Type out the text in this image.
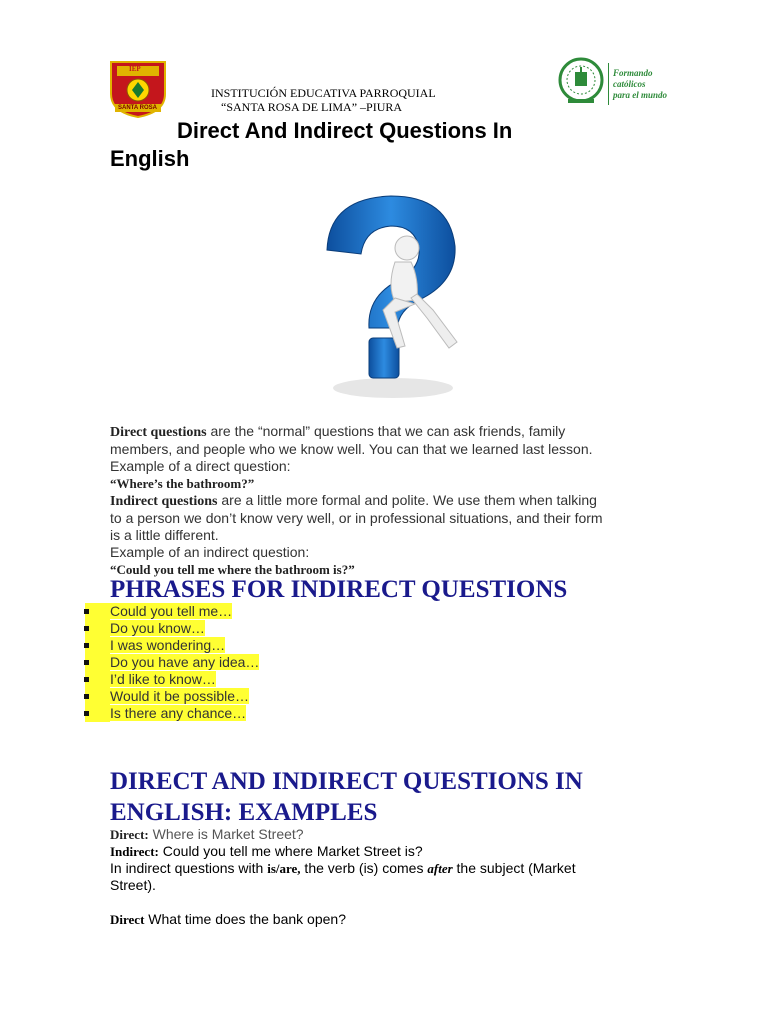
IEP
SANTA ROSA
INSTITUCIÓN EDUCATIVA PARROQUIAL
“SANTA ROSA DE LIMA” –PIURA
Formando
católicos
para el mundo
Direct And Indirect Questions In
English
Direct questions are the “normal” questions that we can ask friends, family
members, and people who we know well. You can that we learned last lesson.
Example of a direct question:
“Where’s the bathroom?”
Indirect questions are a little more formal and polite. We use them when talking
to a person we don’t know very well, or in professional situations, and their form
is a little different.
Example of an indirect question:
“Could you tell me where the bathroom is?”
PHRASES FOR INDIRECT QUESTIONS
Could you tell me…
Do you know…
I was wondering…
Do you have any idea…
I’d like to know…
Would it be possible…
Is there any chance…
DIRECT AND INDIRECT QUESTIONS IN
ENGLISH: EXAMPLES
Direct: Where is Market Street?
Indirect: Could you tell me where Market Street is?
In indirect questions with is/are, the verb (is) comes after the subject (Market
Street).
Direct What time does the bank open?
